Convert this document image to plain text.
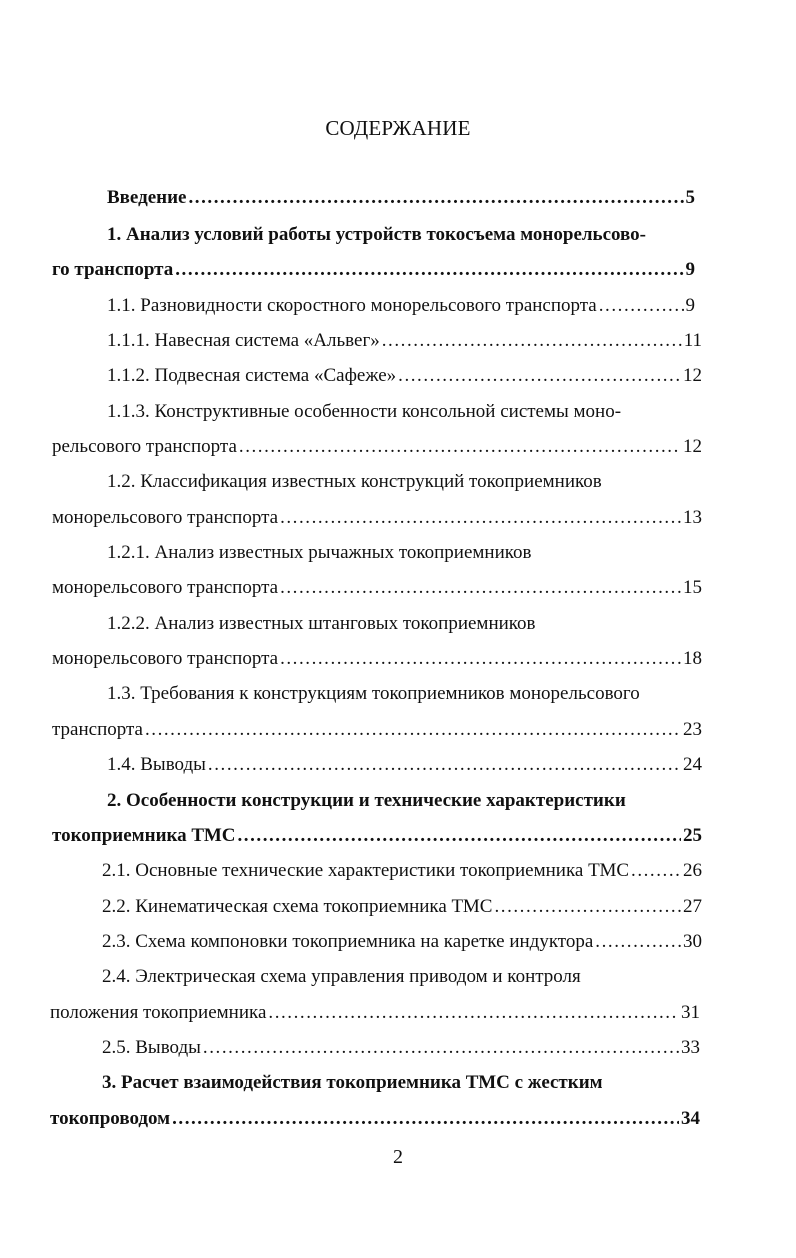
СОДЕРЖАНИЕ
Введение . . .	5
1. Анализ условий работы устройств токосъема монорельсово-
го транспорта . . .	9
1.1. Разновидности скоростного монорельсового транспорта . . .	9
1.1.1. Навесная система «Альвег» . . .	11
1.1.2. Подвесная система «Сафеже» . . .	12
1.1.3. Конструктивные особенности консольной системы моно-
рельсового транспорта . . .	12
1.2. Классификация известных конструкций токоприемников
монорельсового транспорта . . .	13
1.2.1. Анализ известных рычажных токоприемников
монорельсового транспорта . . .	15
1.2.2. Анализ известных штанговых токоприемников
монорельсового транспорта . . .	18
1.3. Требования к конструкциям токоприемников монорельсового
транспорта . . .	23
1.4. Выводы . . .	24
2. Особенности конструкции и технические характеристики
токоприемника ТМС . . .	25
2.1. Основные технические характеристики токоприемника ТМС . . .	26
2.2. Кинематическая схема токоприемника ТМС . . .	27
2.3. Схема компоновки токоприемника на каретке индуктора . . .	30
2.4. Электрическая схема управления приводом и контроля
положения токоприемника . . .	31
2.5. Выводы . . .	33
3. Расчет взаимодействия токоприемника ТМС с жестким
токопроводом . . .	34
2
